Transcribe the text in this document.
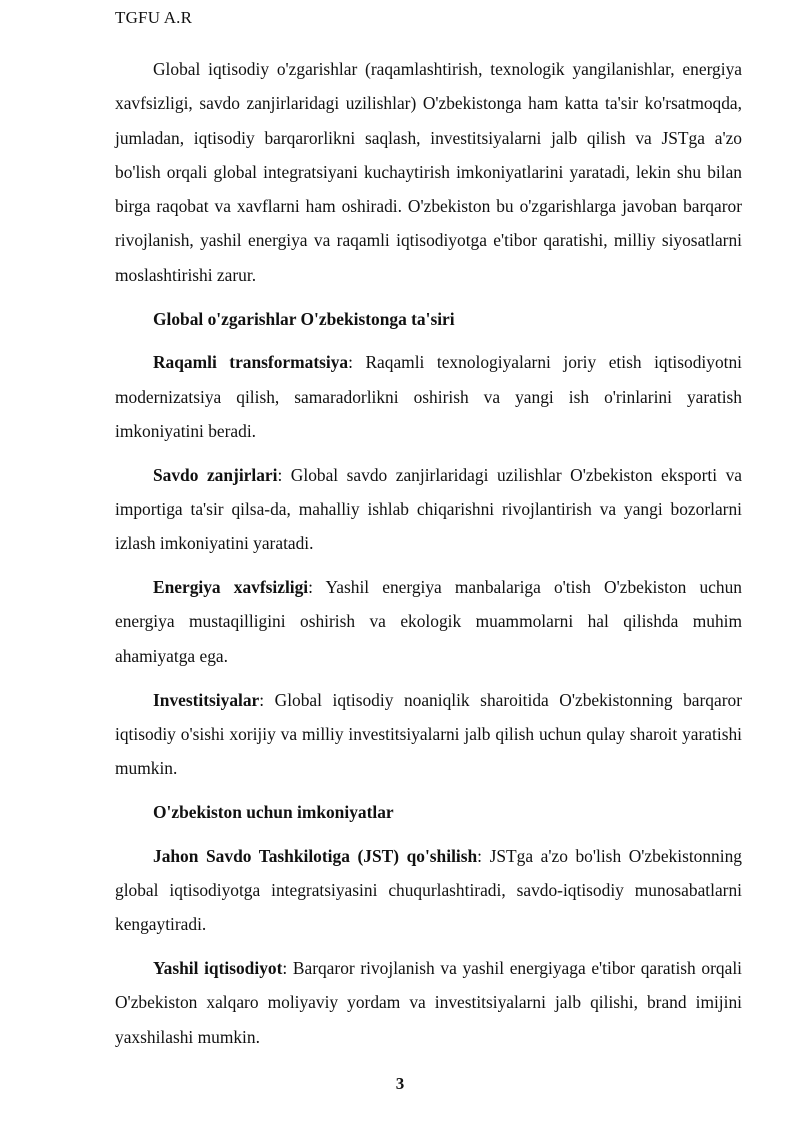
TGFU A.R

Global iqtisodiy o'zgarishlar (raqamlashtirish, texnologik yangilanishlar, energiya xavfsizligi, savdo zanjirlaridagi uzilishlar) O'zbekistonga ham katta ta'sir ko'rsatmoqda, jumladan, iqtisodiy barqarorlikni saqlash, investitsiyalarni jalb qilish va JSTga a'zo bo'lish orqali global integratsiyani kuchaytirish imkoniyatlarini yaratadi, lekin shu bilan birga raqobat va xavflarni ham oshiradi. O'zbekiston bu o'zgarishlarga javoban barqaror rivojlanish, yashil energiya va raqamli iqtisodiyotga e'tibor qaratishi, milliy siyosatlarni moslashtirishi zarur.

Global o'zgarishlar O'zbekistonga ta'siri

Raqamli transformatsiya: Raqamli texnologiyalarni joriy etish iqtisodiyotni modernizatsiya qilish, samaradorlikni oshirish va yangi ish o'rinlarini yaratish imkoniyatini beradi.

Savdo zanjirlari: Global savdo zanjirlaridagi uzilishlar O'zbekiston eksporti va importiga ta'sir qilsa-da, mahalliy ishlab chiqarishni rivojlantirish va yangi bozorlarni izlash imkoniyatini yaratadi.

Energiya xavfsizligi: Yashil energiya manbalariga o'tish O'zbekiston uchun energiya mustaqilligini oshirish va ekologik muammolarni hal qilishda muhim ahamiyatga ega.

Investitsiyalar: Global iqtisodiy noaniqlik sharoitida O'zbekistonning barqaror iqtisodiy o'sishi xorijiy va milliy investitsiyalarni jalb qilish uchun qulay sharoit yaratishi mumkin.

O'zbekiston uchun imkoniyatlar

Jahon Savdo Tashkilotiga (JST) qo'shilish: JSTga a'zo bo'lish O'zbekistonning global iqtisodiyotga integratsiyasini chuqurlashtiradi, savdo-iqtisodiy munosabatlarni kengaytiradi.

Yashil iqtisodiyot: Barqaror rivojlanish va yashil energiyaga e'tibor qaratish orqali O'zbekiston xalqaro moliyaviy yordam va investitsiyalarni jalb qilishi, brand imijini yaxshilashi mumkin.

3
